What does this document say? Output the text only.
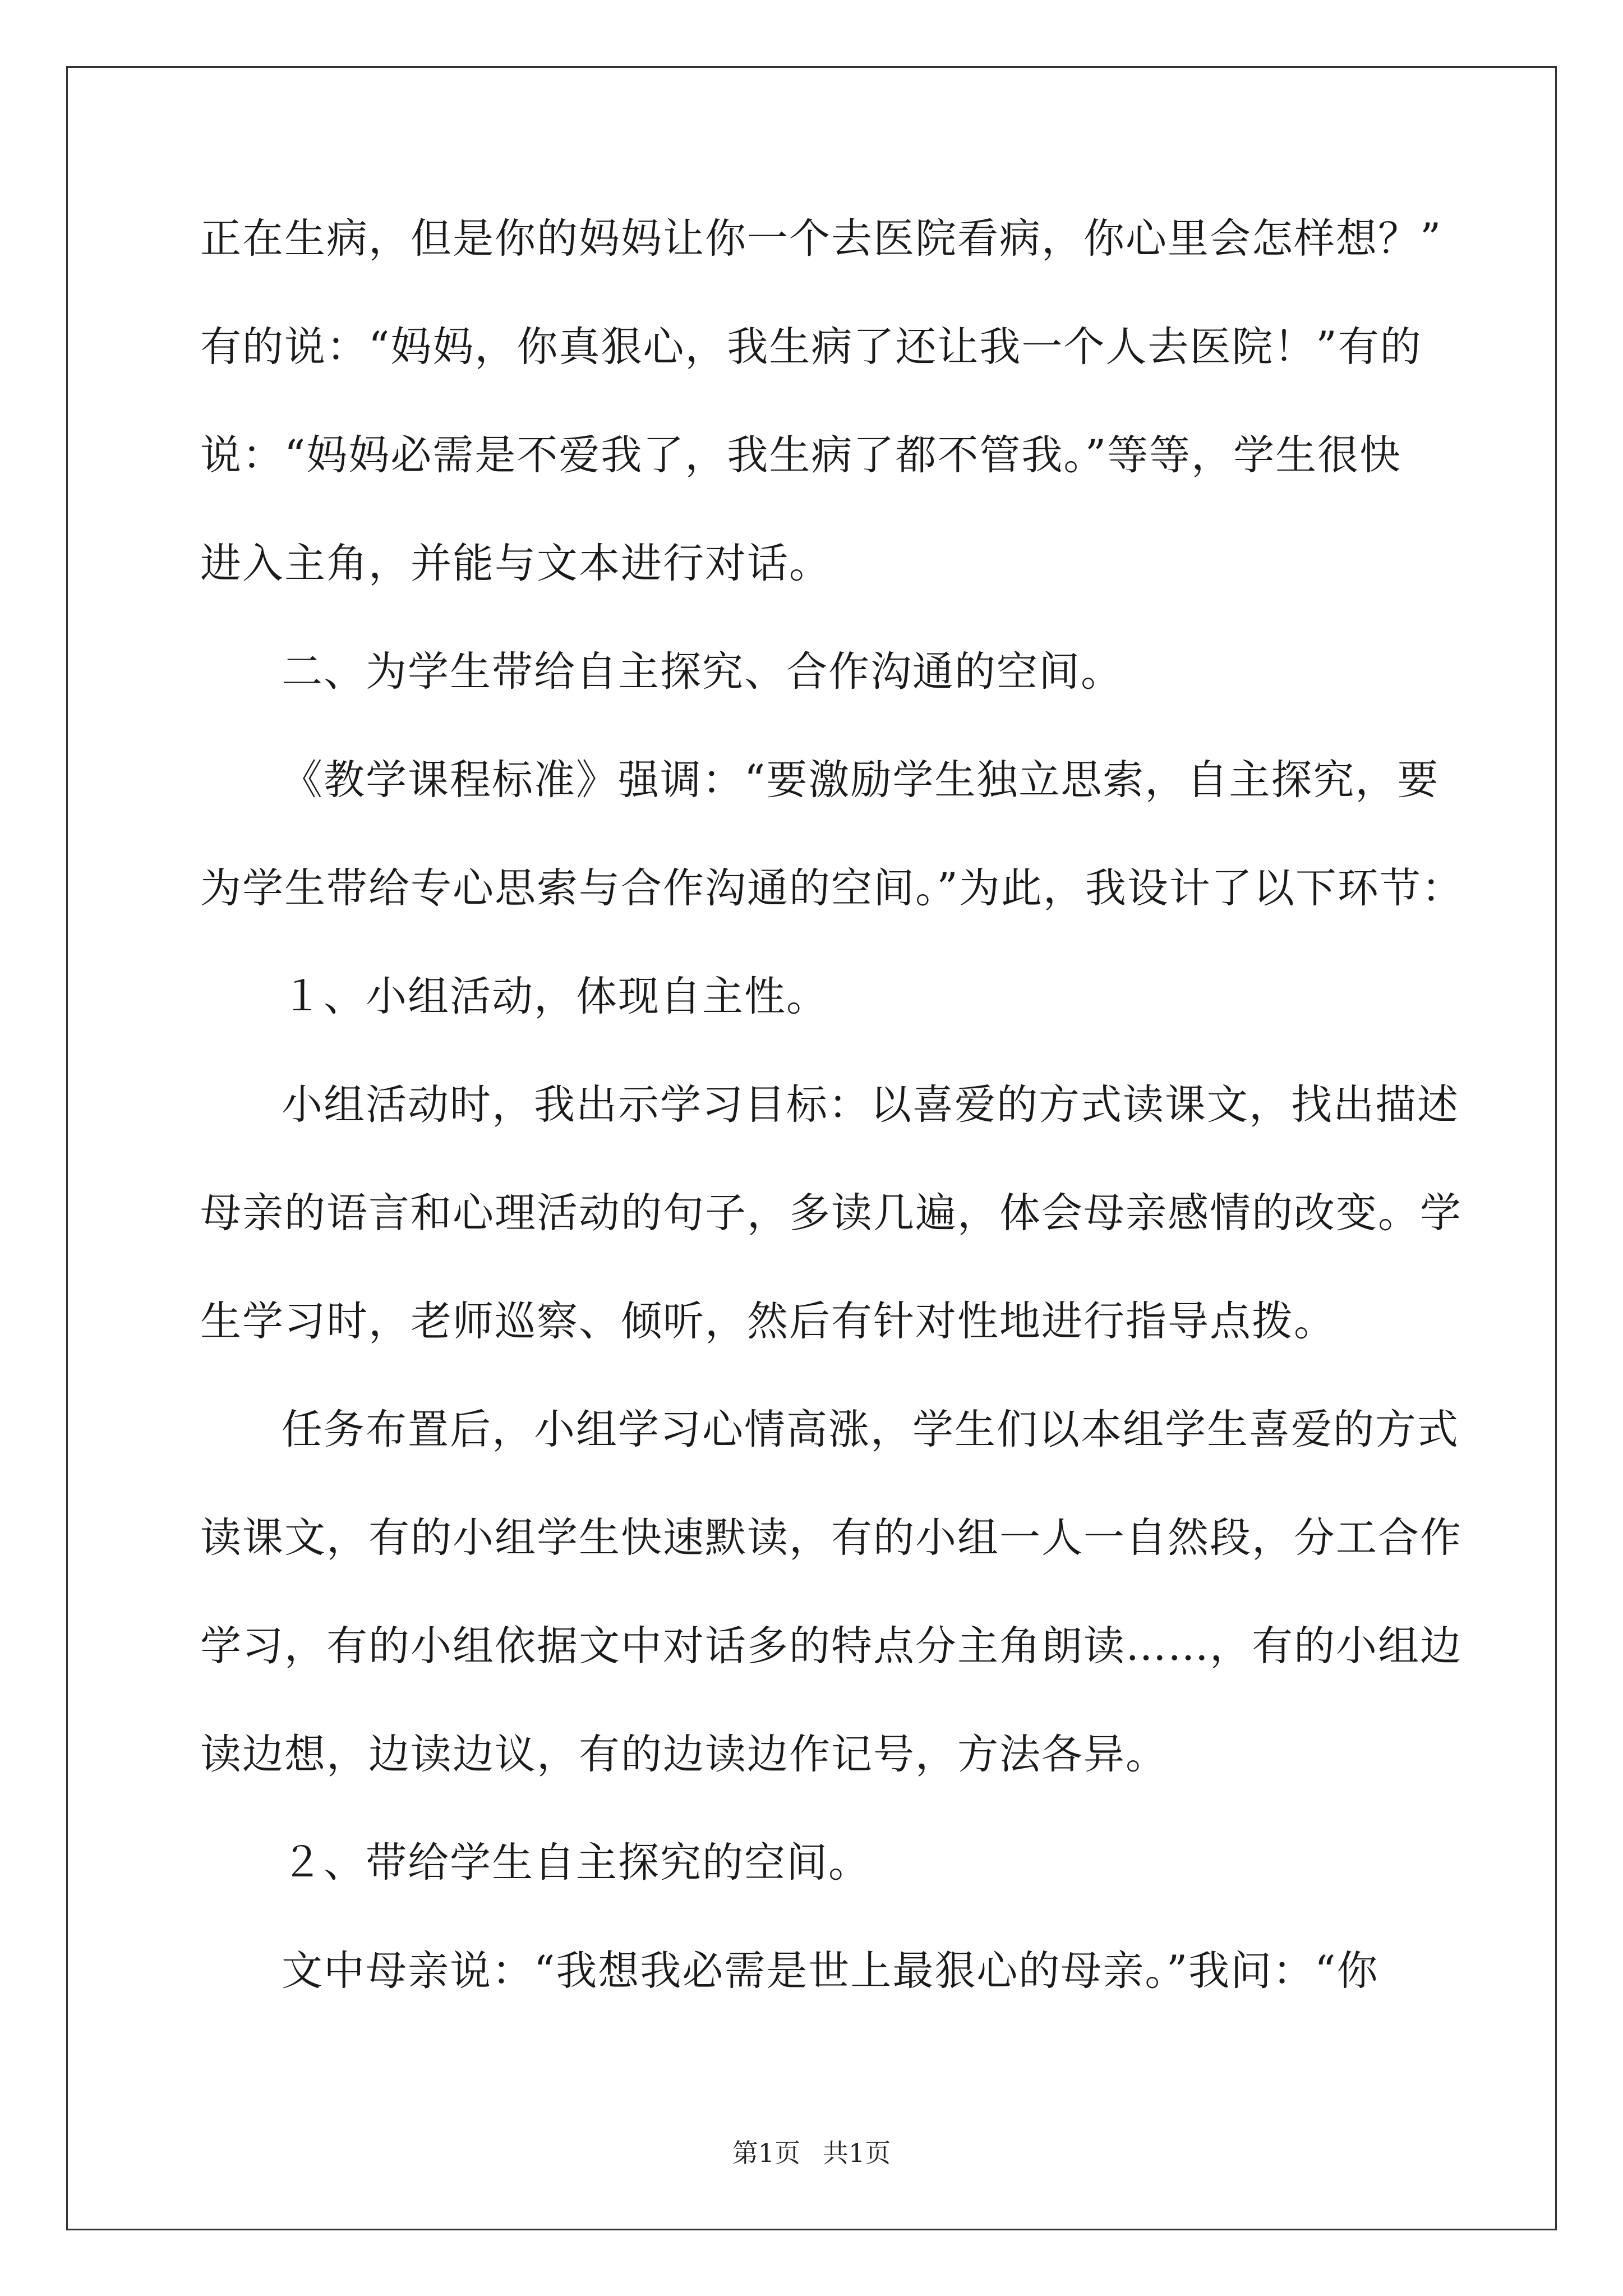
正在生病，但是你的妈妈让你一个去医院看病，你心里会怎样想？”
有的说：“妈妈，你真狠心，我生病了还让我一个人去医院！”有的
说：“妈妈必需是不爱我了，我生病了都不管我。”等等，学生很快
进入主角，并能与文本进行对话。
二、为学生带给自主探究、合作沟通的空间。
《教学课程标准》强调：“要激励学生独立思索，自主探究，要
为学生带给专心思索与合作沟通的空间。”为此，我设计了以下环节：
１、小组活动，体现自主性。
小组活动时，我出示学习目标：以喜爱的方式读课文，找出描述
母亲的语言和心理活动的句子，多读几遍，体会母亲感情的改变。学
生学习时，老师巡察、倾听，然后有针对性地进行指导点拨。
任务布置后，小组学习心情高涨，学生们以本组学生喜爱的方式
读课文，有的小组学生快速默读，有的小组一人一自然段，分工合作
学习，有的小组依据文中对话多的特点分主角朗读……，有的小组边
读边想，边读边议，有的边读边作记号，方法各异。
２、带给学生自主探究的空间。
文中母亲说：“我想我必需是世上最狠心的母亲。”我问：“你
第1页 共1页
